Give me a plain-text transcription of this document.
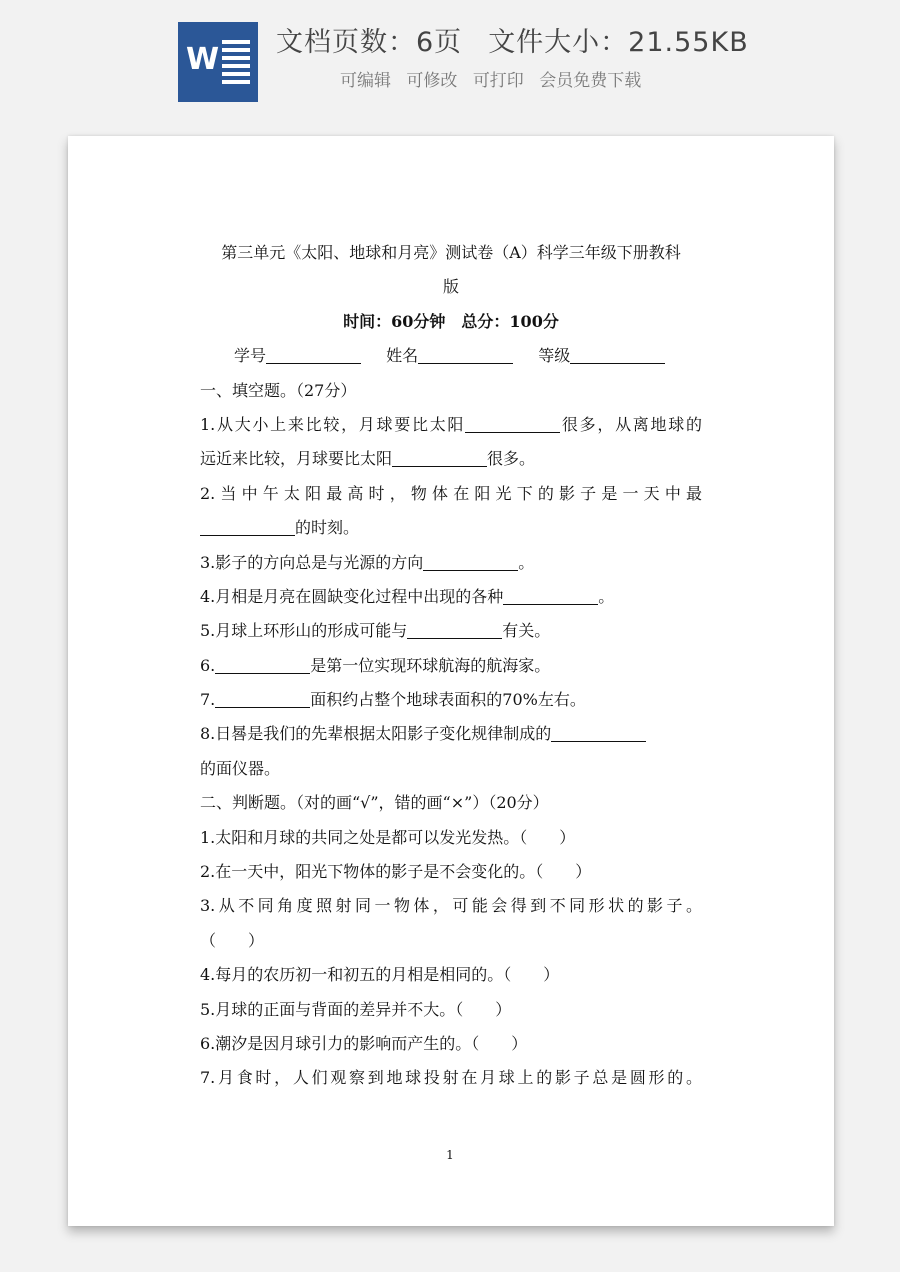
W 文档页数：6页 文件大小：21.55KB
可编辑 可修改 可打印 会员免费下载
第三单元《太阳、地球和月亮》测试卷（A）科学三年级下册教科
版
时间：60分钟　总分：100分
学号	姓名	等级
一、填空题。（27分）
1.从大小上来比较，月球要比太阳	很多，从离地球的
远近来比较，月球要比太阳	很多。
2.当中午太阳最高时，物体在阳光下的影子是一天中最
的时刻。
3.影子的方向总是与光源的方向	。
4.月相是月亮在圆缺变化过程中出现的各种	。
5.月球上环形山的形成可能与	有关。
6.	是第一位实现环球航海的航海家。
7.	面积约占整个地球表面积的70%左右。
8.日晷是我们的先辈根据太阳影子变化规律制成的
的面仪器。
二、判断题。（对的画“√”，错的画“×”）（20分）
1.太阳和月球的共同之处是都可以发光发热。（　　）
2.在一天中，阳光下物体的影子是不会变化的。（　　）
3.从不同角度照射同一物体，可能会得到不同形状的影子。
（　　）
4.每月的农历初一和初五的月相是相同的。（　　）
5.月球的正面与背面的差异并不大。（　　）
6.潮汐是因月球引力的影响而产生的。（　　）
7.月食时，人们观察到地球投射在月球上的影子总是圆形的。
1
